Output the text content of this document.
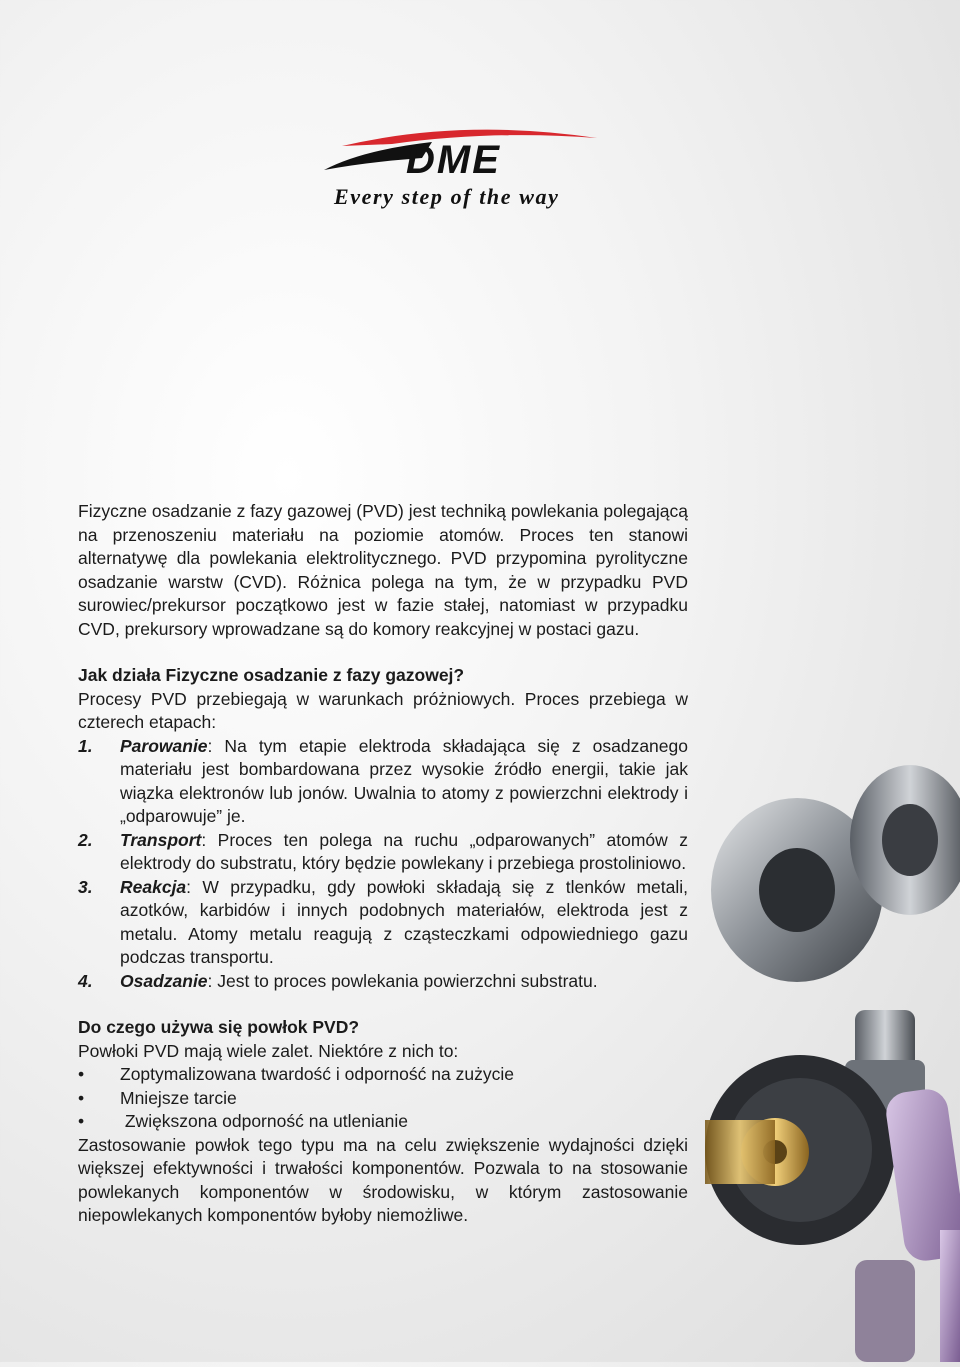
DME
Every step of the way

Fizyczne osadzanie z fazy gazowej (PVD) jest techniką powlekania polegającą na przenoszeniu materiału na poziomie atomów. Proces ten stanowi alternatywę dla powlekania elektrolitycznego. PVD przypomina pyrolityczne osadzanie warstw (CVD). Różnica polega na tym, że w przypadku PVD surowiec/prekursor początkowo jest w fazie stałej, natomiast w przypadku CVD, prekursory wprowadzane są do komory reakcyjnej w postaci gazu.

Jak działa Fizyczne osadzanie z fazy gazowej?

Procesy PVD przebiegają w warunkach próżniowych. Proces przebiega w czterech etapach:

1. Parowanie: Na tym etapie elektroda składająca się z osadzanego materiału jest bombardowana przez wysokie źródło energii, takie jak wiązka elektronów lub jonów. Uwalnia to atomy z powierzchni elektrody i „odparowuje” je.
2. Transport: Proces ten polega na ruchu „odparowanych” atomów z elektrody do substratu, który będzie powlekany i przebiega prostoliniowo.
3. Reakcja: W przypadku, gdy powłoki składają się z tlenków metali, azotków, karbidów i innych podobnych materiałów, elektroda jest z metalu. Atomy metalu reagują z cząsteczkami odpowiedniego gazu podczas transportu.
4. Osadzanie: Jest to proces powlekania powierzchni substratu.

Do czego używa się powłok PVD?

Powłoki PVD mają wiele zalet. Niektóre z nich to:

• Zoptymalizowana twardość i odporność na zużycie
• Mniejsze tarcie
• Zwiększona odporność na utlenianie

Zastosowanie powłok tego typu ma na celu zwiększenie wydajności dzięki większej efektywności i trwałości komponentów. Pozwala to na stosowanie powlekanych komponentów w środowisku, w którym zastosowanie niepowlekanych komponentów byłoby niemożliwe.
